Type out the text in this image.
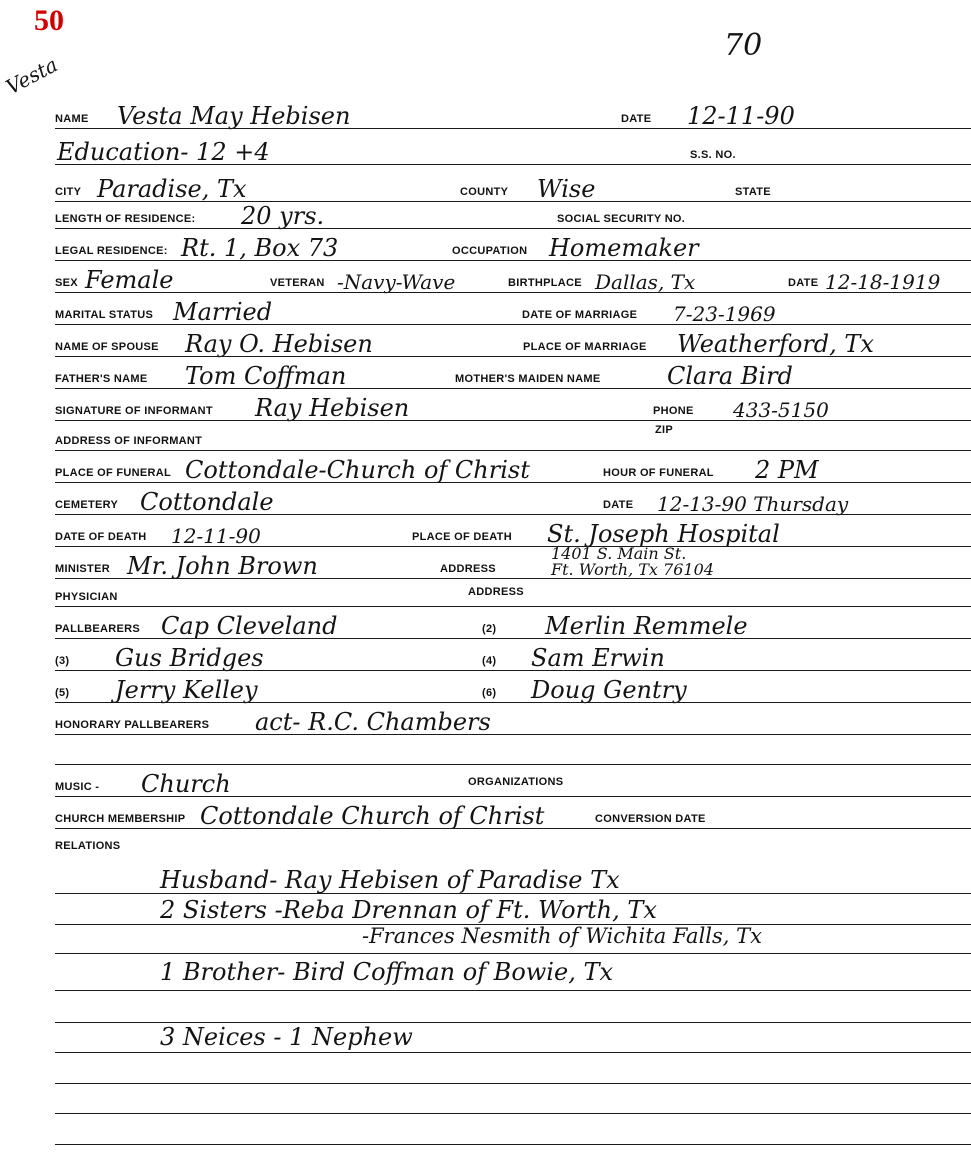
50
70
Vesta
NAME Vesta May Hebisen	DATE 12-11-90
Education- 12 +4	S.S. NO.
CITY Paradise, Tx	COUNTY Wise	STATE
LENGTH OF RESIDENCE: 20 yrs.	SOCIAL SECURITY NO.
LEGAL RESIDENCE: Rt. 1, Box 73	OCCUPATION Homemaker
SEX Female	VETERAN -Navy-Wave	BIRTHPLACE Dallas, Tx	DATE 12-18-1919
MARITAL STATUS Married	DATE OF MARRIAGE 7-23-1969
NAME OF SPOUSE Ray O. Hebisen	PLACE OF MARRIAGE Weatherford, Tx
FATHER'S NAME Tom Coffman	MOTHER'S MAIDEN NAME	Clara Bird
SIGNATURE OF INFORMANT Ray Hebisen	PHONE 433-5150
ADDRESS OF INFORMANT
ZIP
PLACE OF FUNERAL Cottondale-Church of Christ	HOUR OF FUNERAL 2 PM
CEMETERY Cottondale	DATE 12-13-90 Thursday
DATE OF DEATH 12-11-90	PLACE OF DEATH St. Joseph Hospital
MINISTER Mr. John Brown	ADDRESS
1401 S. Main St.
Ft. Worth, Tx 76104
PHYSICIAN	ADDRESS
PALLBEARERS Cap Cleveland	(2) Merlin Remmele
(3) Gus Bridges	(4) Sam Erwin
(5) Jerry Kelley	(6) Doug Gentry
HONORARY PALLBEARERS act- R.C. Chambers
MUSIC - Church	ORGANIZATIONS
CHURCH MEMBERSHIP Cottondale Church of Christ	CONVERSION DATE
RELATIONS
Husband- Ray Hebisen of Paradise Tx
2 Sisters -Reba Drennan of Ft. Worth, Tx
-Frances Nesmith of Wichita Falls, Tx
1 Brother- Bird Coffman of Bowie, Tx
3 Neices - 1 Nephew
